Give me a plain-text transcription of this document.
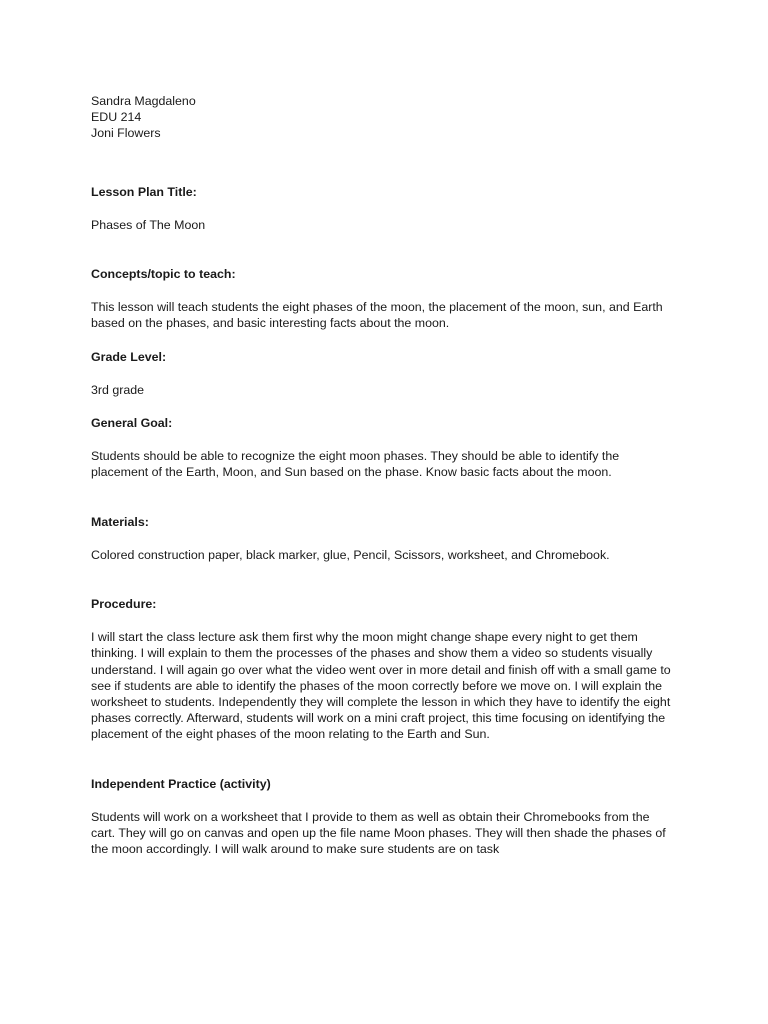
Sandra Magdaleno

EDU 214

Joni Flowers

Lesson Plan Title:

Phases of The Moon

Concepts/topic to teach:

This lesson will teach students the eight phases of the moon, the placement of the moon, sun, and Earth based on the phases, and basic interesting facts about the moon.

Grade Level:

3rd grade

General Goal:

Students should be able to recognize the eight moon phases. They should be able to identify the placement of the Earth, Moon, and Sun based on the phase. Know basic facts about the moon.

Materials:

Colored construction paper, black marker, glue, Pencil, Scissors, worksheet, and Chromebook.

Procedure:

I will start the class lecture ask them first why the moon might change shape every night to get them thinking. I will explain to them the processes of the phases and show them a video so students visually understand. I will again go over what the video went over in more detail and finish off with a small game to see if students are able to identify the phases of the moon correctly before we move on. I will explain the worksheet to students. Independently they will complete the lesson in which they have to identify the eight phases correctly. Afterward, students will work on a mini craft project, this time focusing on identifying the placement of the eight phases of the moon relating to the Earth and Sun.

Independent Practice (activity)

Students will work on a worksheet that I provide to them as well as obtain their Chromebooks from the cart. They will go on canvas and open up the file name Moon phases. They will then shade the phases of the moon accordingly. I will walk around to make sure students are on task
